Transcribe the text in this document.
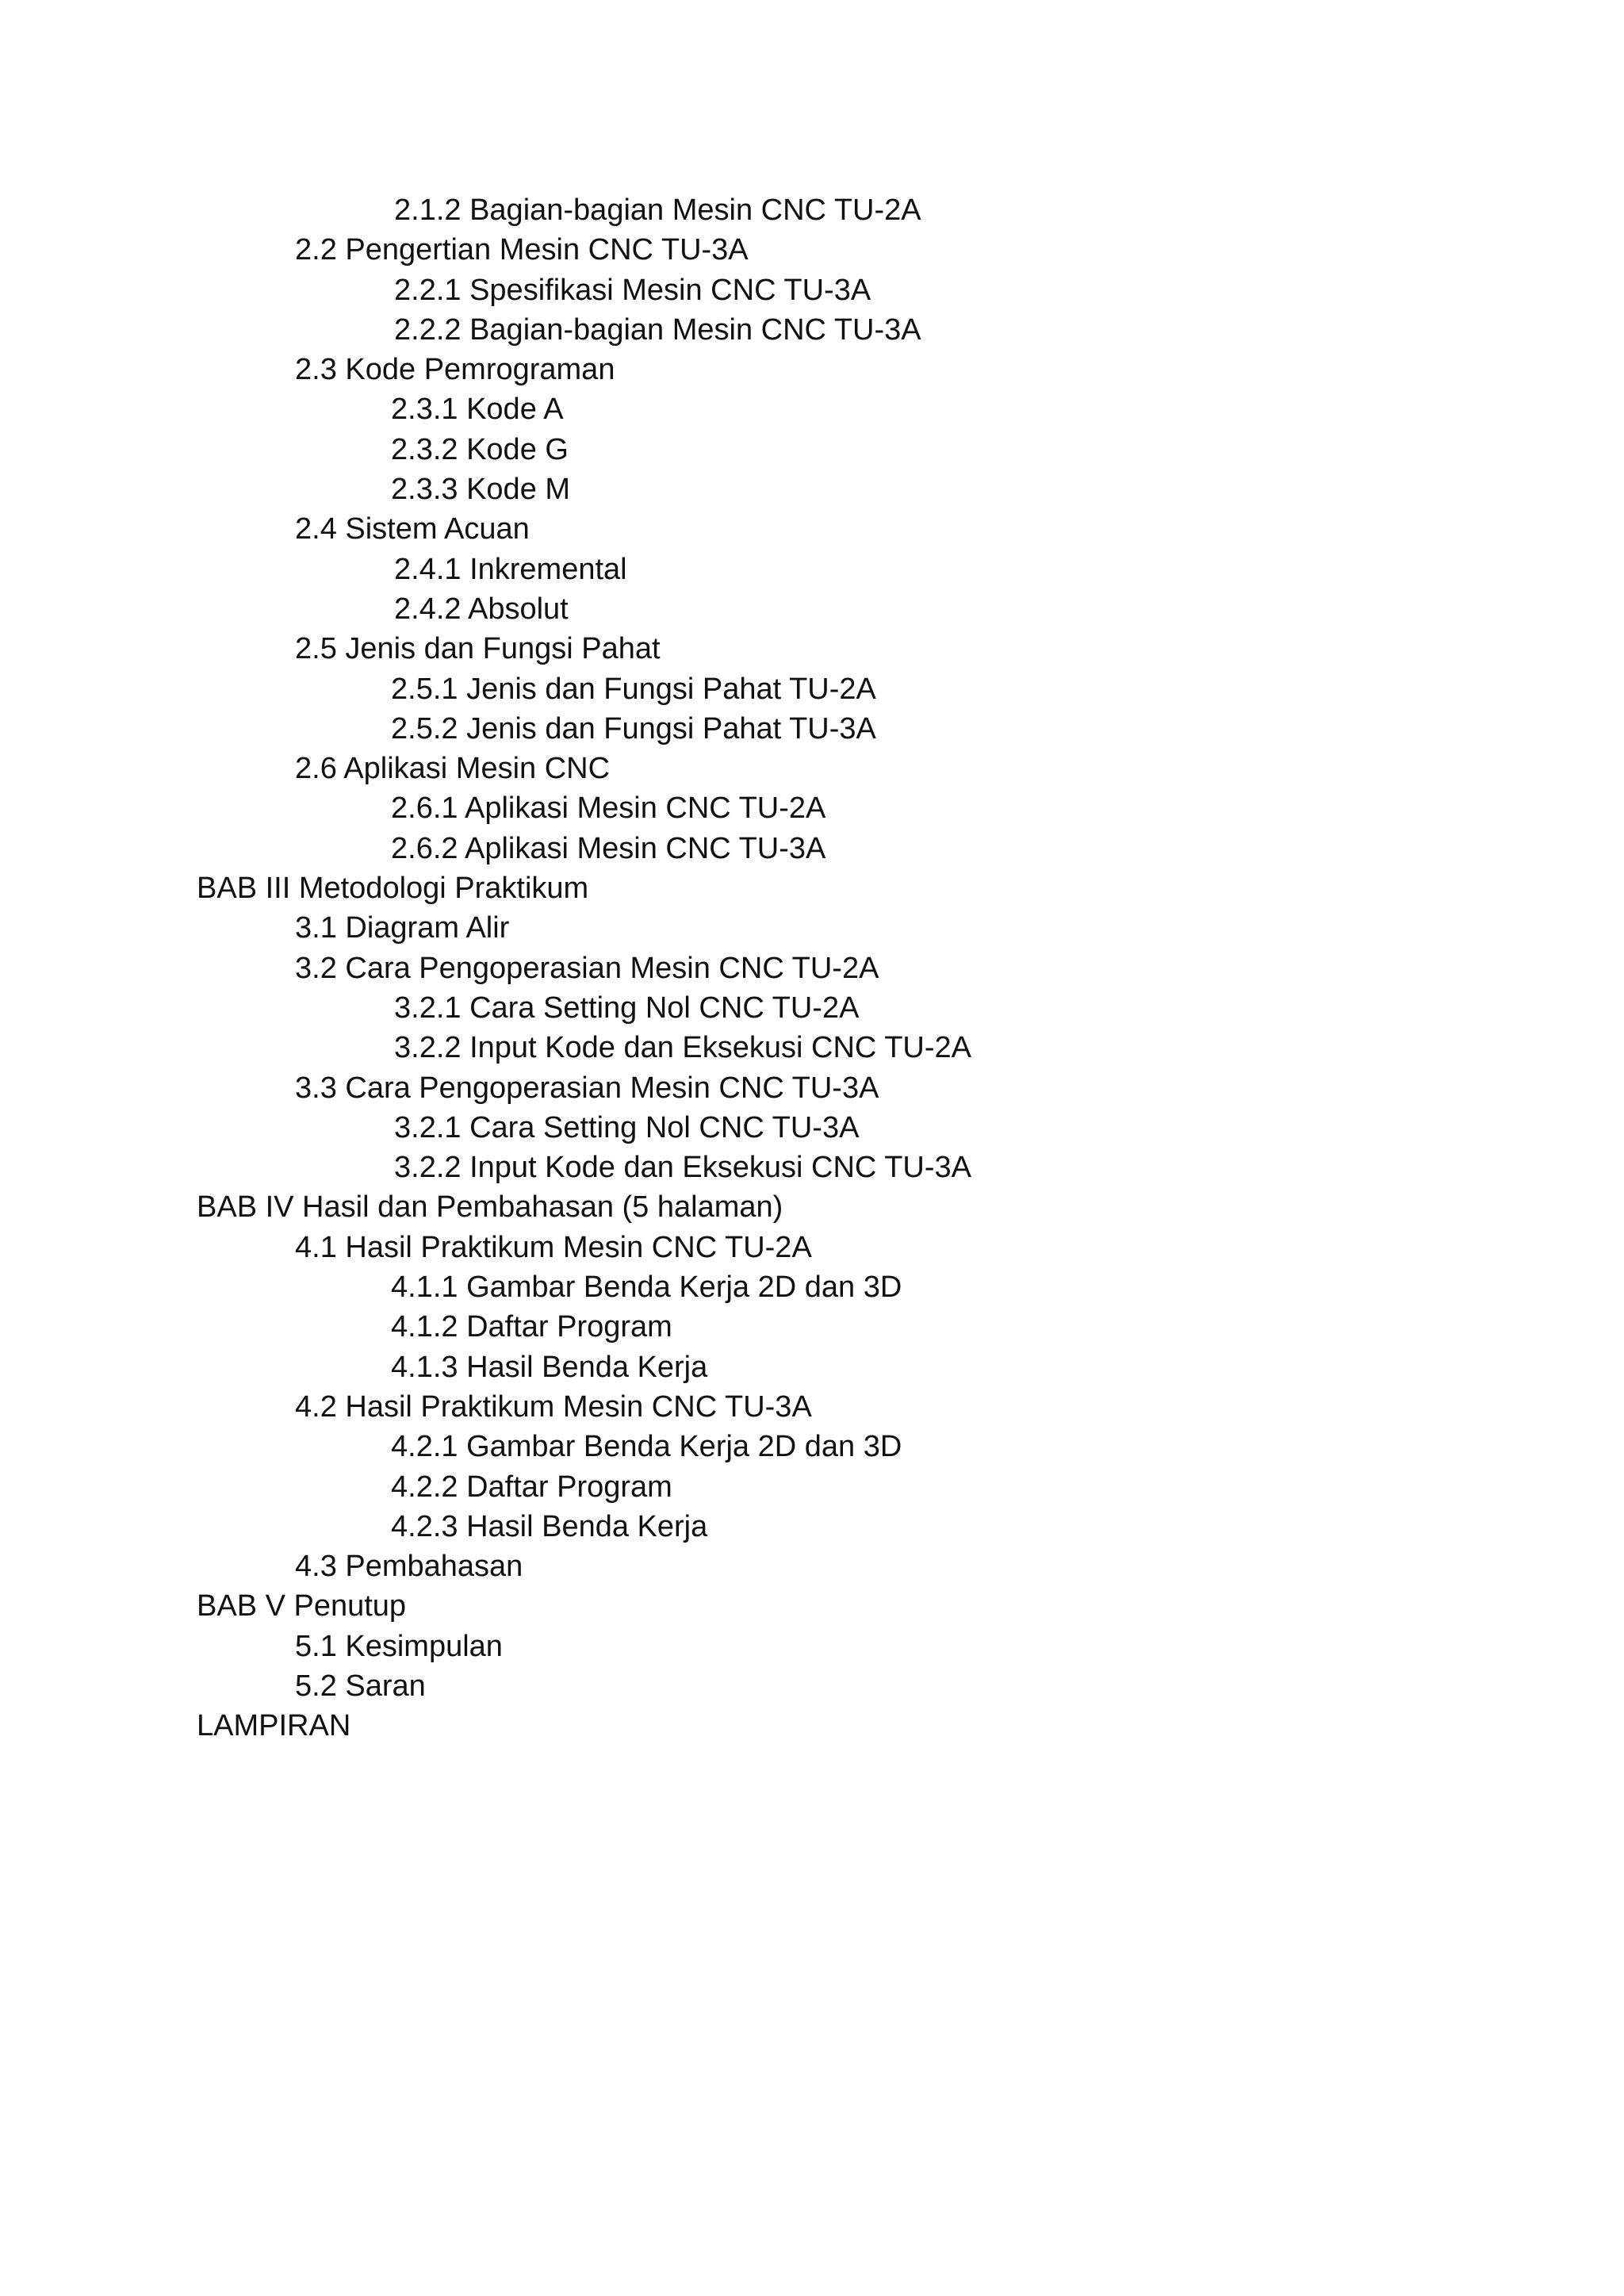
2.1.2 Bagian-bagian Mesin CNC TU-2A
2.2 Pengertian Mesin CNC TU-3A
2.2.1 Spesifikasi Mesin CNC TU-3A
2.2.2 Bagian-bagian Mesin CNC TU-3A
2.3 Kode Pemrograman
2.3.1 Kode A
2.3.2 Kode G
2.3.3 Kode M
2.4 Sistem Acuan
2.4.1 Inkremental
2.4.2 Absolut
2.5 Jenis dan Fungsi Pahat
2.5.1 Jenis dan Fungsi Pahat TU-2A
2.5.2 Jenis dan Fungsi Pahat TU-3A
2.6 Aplikasi Mesin CNC
2.6.1 Aplikasi Mesin CNC TU-2A
2.6.2 Aplikasi Mesin CNC TU-3A
BAB III Metodologi Praktikum
3.1 Diagram Alir
3.2 Cara Pengoperasian Mesin CNC TU-2A
3.2.1 Cara Setting Nol CNC TU-2A
3.2.2 Input Kode dan Eksekusi CNC TU-2A
3.3 Cara Pengoperasian Mesin CNC TU-3A
3.2.1 Cara Setting Nol CNC TU-3A
3.2.2 Input Kode dan Eksekusi CNC TU-3A
BAB IV Hasil dan Pembahasan (5 halaman)
4.1 Hasil Praktikum Mesin CNC TU-2A
4.1.1 Gambar Benda Kerja 2D dan 3D
4.1.2 Daftar Program
4.1.3 Hasil Benda Kerja
4.2 Hasil Praktikum Mesin CNC TU-3A
4.2.1 Gambar Benda Kerja 2D dan 3D
4.2.2 Daftar Program
4.2.3 Hasil Benda Kerja
4.3 Pembahasan
BAB V Penutup
5.1 Kesimpulan
5.2 Saran
LAMPIRAN
